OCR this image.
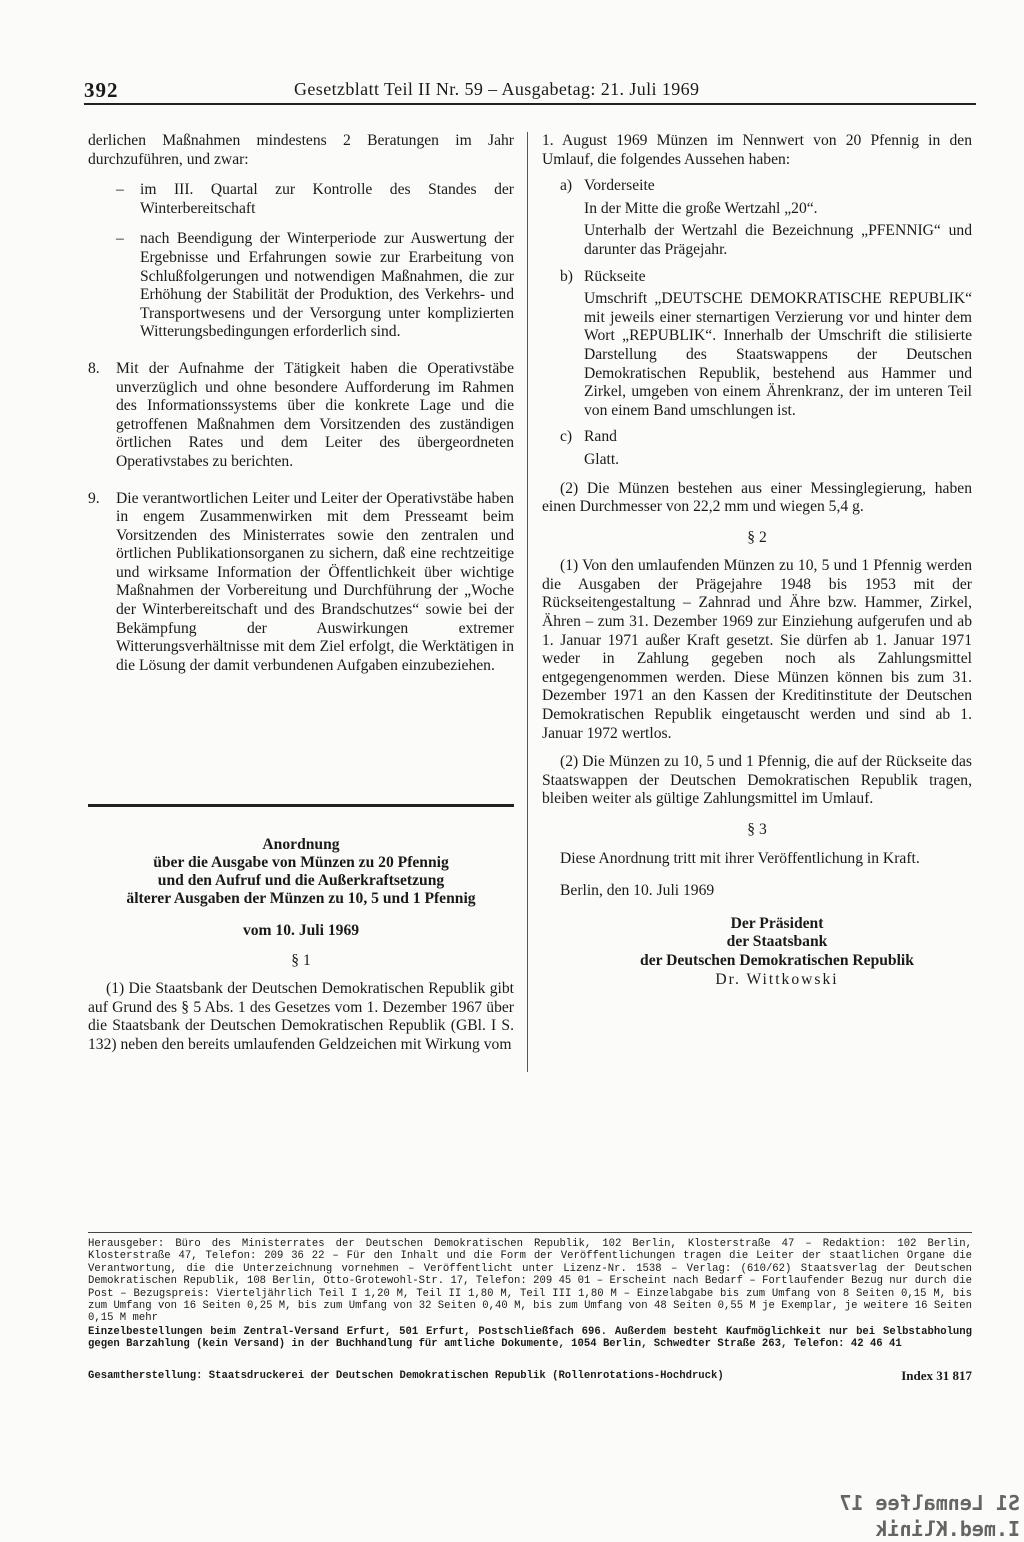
392	Gesetzblatt Teil II Nr. 59 – Ausgabetag: 21. Juli 1969

derlichen Maßnahmen mindestens 2 Beratungen im Jahr durchzuführen, und zwar:

– im III. Quartal zur Kontrolle des Standes der Winterbereitschaft

– nach Beendigung der Winterperiode zur Auswertung der Ergebnisse und Erfahrungen sowie zur Erarbeitung von Schlußfolgerungen und notwendigen Maßnahmen, die zur Erhöhung der Stabilität der Produktion, des Verkehrs- und Transportwesens und der Versorgung unter komplizierten Witterungsbedingungen erforderlich sind.

8. Mit der Aufnahme der Tätigkeit haben die Operativstäbe unverzüglich und ohne besondere Aufforderung im Rahmen des Informationssystems über die konkrete Lage und die getroffenen Maßnahmen dem Vorsitzenden des zuständigen örtlichen Rates und dem Leiter des übergeordneten Operativstabes zu berichten.

9. Die verantwortlichen Leiter und Leiter der Operativstäbe haben in engem Zusammenwirken mit dem Presseamt beim Vorsitzenden des Ministerrates sowie den zentralen und örtlichen Publikationsorganen zu sichern, daß eine rechtzeitige und wirksame Information der Öffentlichkeit über wichtige Maßnahmen der Vorbereitung und Durchführung der „Woche der Winterbereitschaft und des Brandschutzes“ sowie bei der Bekämpfung der Auswirkungen extremer Witterungsverhältnisse mit dem Ziel erfolgt, die Werktätigen in die Lösung der damit verbundenen Aufgaben einzubeziehen.

Anordnung
über die Ausgabe von Münzen zu 20 Pfennig
und den Aufruf und die Außerkraftsetzung
älterer Ausgaben der Münzen zu 10, 5 und 1 Pfennig
vom 10. Juli 1969
§ 1

(1) Die Staatsbank der Deutschen Demokratischen Republik gibt auf Grund des § 5 Abs. 1 des Gesetzes vom 1. Dezember 1967 über die Staatsbank der Deutschen Demokratischen Republik (GBl. I S. 132) neben den bereits umlaufenden Geldzeichen mit Wirkung vom

1. August 1969 Münzen im Nennwert von 20 Pfennig in den Umlauf, die folgendes Aussehen haben:

a) Vorderseite

In der Mitte die große Wertzahl „20“.

Unterhalb der Wertzahl die Bezeichnung „PFENNIG“ und darunter das Prägejahr.

b) Rückseite

Umschrift „DEUTSCHE DEMOKRATISCHE REPUBLIK“ mit jeweils einer sternartigen Verzierung vor und hinter dem Wort „REPUBLIK“. Innerhalb der Umschrift die stilisierte Darstellung des Staatswappens der Deutschen Demokratischen Republik, bestehend aus Hammer und Zirkel, umgeben von einem Ährenkranz, der im unteren Teil von einem Band umschlungen ist.

c) Rand

Glatt.

(2) Die Münzen bestehen aus einer Messinglegierung, haben einen Durchmesser von 22,2 mm und wiegen 5,4 g.

§ 2

(1) Von den umlaufenden Münzen zu 10, 5 und 1 Pfennig werden die Ausgaben der Prägejahre 1948 bis 1953 mit der Rückseitengestaltung – Zahnrad und Ähre bzw. Hammer, Zirkel, Ähren – zum 31. Dezember 1969 zur Einziehung aufgerufen und ab 1. Januar 1971 außer Kraft gesetzt. Sie dürfen ab 1. Januar 1971 weder in Zahlung gegeben noch als Zahlungsmittel entgegengenommen werden. Diese Münzen können bis zum 31. Dezember 1971 an den Kassen der Kreditinstitute der Deutschen Demokratischen Republik eingetauscht werden und sind ab 1. Januar 1972 wertlos.

(2) Die Münzen zu 10, 5 und 1 Pfennig, die auf der Rückseite das Staatswappen der Deutschen Demokratischen Republik tragen, bleiben weiter als gültige Zahlungsmittel im Umlauf.

§ 3

Diese Anordnung tritt mit ihrer Veröffentlichung in Kraft.

Berlin, den 10. Juli 1969

Der Präsident
der Staatsbank
der Deutschen Demokratischen Republik
Dr. Wittkowski
Herausgeber: Büro des Ministerrates der Deutschen Demokratischen Republik, 102 Berlin, Klosterstraße 47 – Redaktion: 102 Berlin, Klosterstraße 47, Telefon: 209 36 22 – Für den Inhalt und die Form der Veröffentlichungen tragen die Leiter der staatlichen Organe die Verantwortung, die die Unterzeichnung vornehmen – Veröffentlicht unter Lizenz-Nr. 1538 – Verlag: (610/62) Staatsverlag der Deutschen Demokratischen Republik, 108 Berlin, Otto-Grotewohl-Str. 17, Telefon: 209 45 01 – Erscheint nach Bedarf – Fortlaufender Bezug nur durch die Post – Bezugspreis: Vierteljährlich Teil I 1,20 M, Teil II 1,80 M, Teil III 1,80 M – Einzelabgabe bis zum Umfang von 8 Seiten 0,15 M, bis zum Umfang von 16 Seiten 0,25 M, bis zum Umfang von 32 Seiten 0,40 M, bis zum Umfang von 48 Seiten 0,55 M je Exemplar, je weitere 16 Seiten 0,15 M mehr
Einzelbestellungen beim Zentral-Versand Erfurt, 501 Erfurt, Postschließfach 696. Außerdem besteht Kaufmöglichkeit nur bei Selbstabholung gegen Barzahlung (kein Versand) in der Buchhandlung für amtliche Dokumente, 1054 Berlin, Schwedter Straße 263, Telefon: 42 46 41
Gesamtherstellung: Staatsdruckerei der Deutschen Demokratischen Republik (Rollenrotations-Hochdruck)	Index 31 817
S1 Lenmalfee 17
I.med.Klinik
